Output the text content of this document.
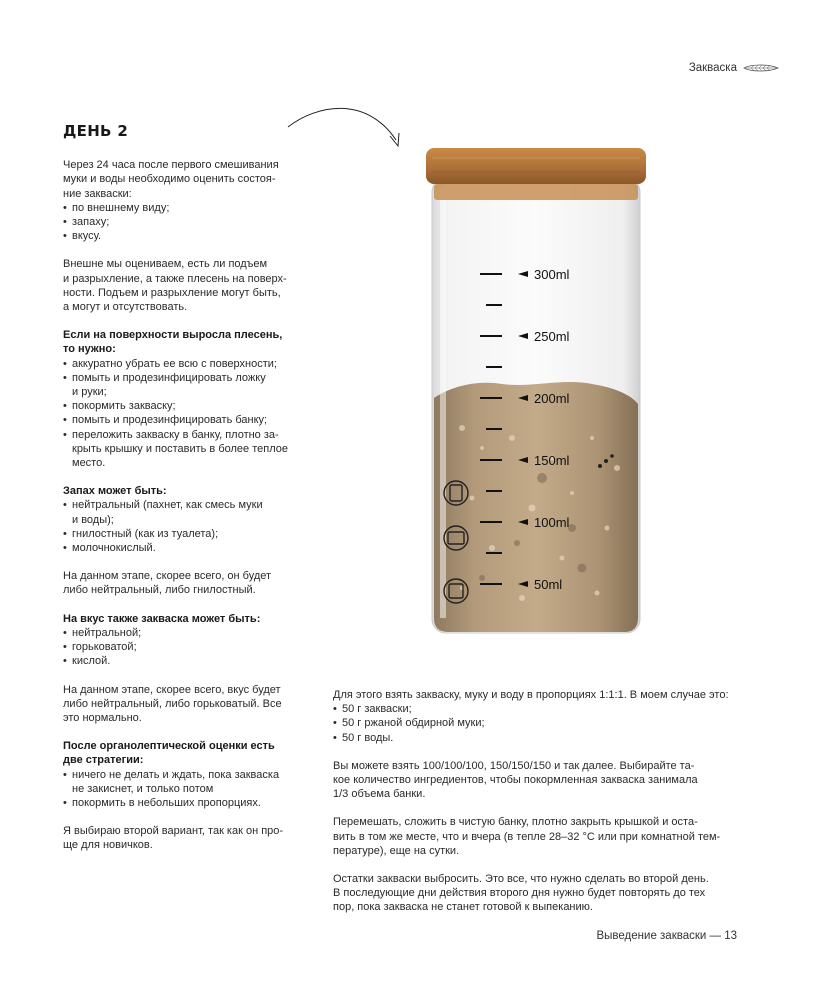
Закваска
ДЕНЬ 2
Через 24 часа после первого смешивания
муки и воды необходимо оценить состоя-
ние закваски:
• по внешнему виду;
• запаху;
• вкусу.
Внешне мы оцениваем, есть ли подъем
и разрыхление, а также плесень на поверх-
ности. Подъем и разрыхление могут быть,
а могут и отсутствовать.
Если на поверхности выросла плесень,
то нужно:
• аккуратно убрать ее всю с поверхности;
• помыть и продезинфицировать ложку
и руки;
• покормить закваску;
• помыть и продезинфицировать банку;
• переложить закваску в банку, плотно за-
крыть крышку и поставить в более теплое
место.
Запах может быть:
• нейтральный (пахнет, как смесь муки
и воды);
• гнилостный (как из туалета);
• молочнокислый.
На данном этапе, скорее всего, он будет
либо нейтральный, либо гнилостный.
На вкус также закваска может быть:
• нейтральной;
• горьковатой;
• кислой.
На данном этапе, скорее всего, вкус будет
либо нейтральный, либо горьковатый. Все
это нормально.
После органолептической оценки есть
две стратегии:
• ничего не делать и ждать, пока закваска
не закиснет, и только потом
• покормить в небольших пропорциях.
Я выбираю второй вариант, так как он про-
ще для новичков.
300ml
250ml
200ml
150ml
100ml
50ml
Для этого взять закваску, муку и воду в пропорциях 1:1:1. В моем случае это:
• 50 г закваски;
• 50 г ржаной обдирной муки;
• 50 г воды.
Вы можете взять 100/100/100, 150/150/150 и так далее. Выбирайте та-
кое количество ингредиентов, чтобы покормленная закваска занимала
1/3 объема банки.
Перемешать, сложить в чистую банку, плотно закрыть крышкой и оста-
вить в том же месте, что и вчера (в тепле 28–32 °С или при комнатной тем-
пературе), еще на сутки.
Остатки закваски выбросить. Это все, что нужно сделать во второй день.
В последующие дни действия второго дня нужно будет повторять до тех
пор, пока закваска не станет готовой к выпеканию.
Выведение закваски — 13
